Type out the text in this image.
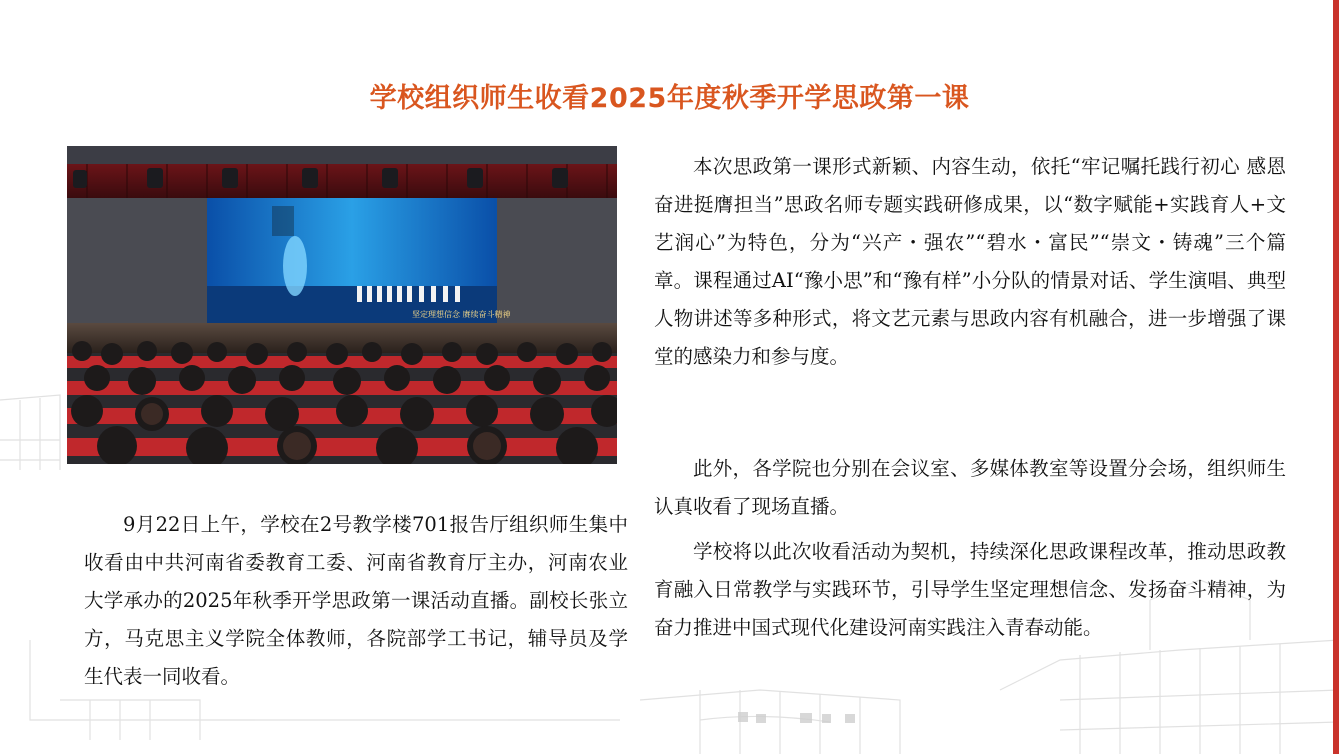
学校组织师生收看2025年度秋季开学思政第一课
坚定理想信念 赓续奋斗精神

9月22日上午，学校在2号教学楼701报告厅组织师生集中收看由中共河南省委教育工委、河南省教育厅主办，河南农业大学承办的2025年秋季开学思政第一课活动直播。副校长张立方，马克思主义学院全体教师，各院部学工书记，辅导员及学生代表一同收看。

本次思政第一课形式新颖、内容生动，依托“牢记嘱托践行初心 感恩奋进挺膺担当”思政名师专题实践研修成果，以“数字赋能+实践育人+文艺润心”为特色，分为“兴产・强农”“碧水・富民”“崇文・铸魂”三个篇章。课程通过AI“豫小思”和“豫有样”小分队的情景对话、学生演唱、典型人物讲述等多种形式，将文艺元素与思政内容有机融合，进一步增强了课堂的感染力和参与度。

此外，各学院也分别在会议室、多媒体教室等设置分会场，组织师生认真收看了现场直播。

学校将以此次收看活动为契机，持续深化思政课程改革，推动思政教育融入日常教学与实践环节，引导学生坚定理想信念、发扬奋斗精神，为奋力推进中国式现代化建设河南实践注入青春动能。
